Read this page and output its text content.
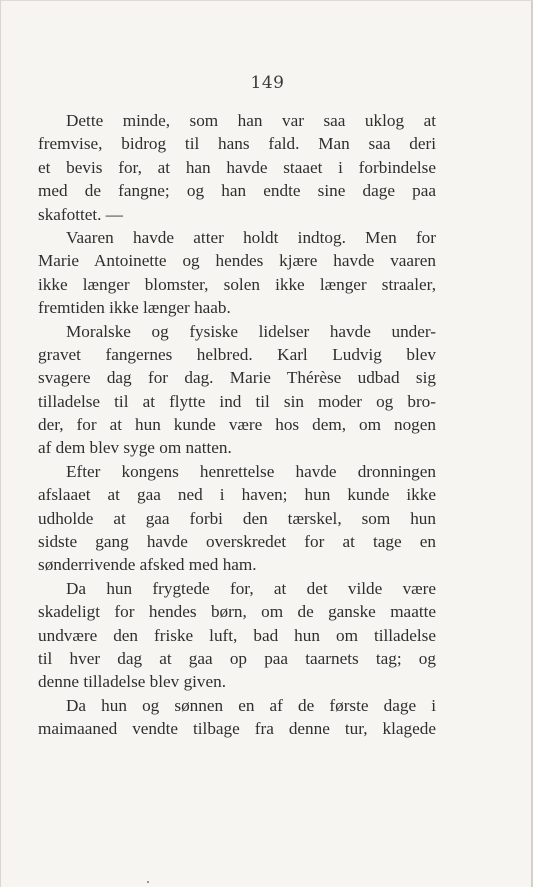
149
Dette minde, som han var saa uklog at
fremvise, bidrog til hans fald. Man saa deri
et bevis for, at han havde staaet i forbindelse
med de fangne; og han endte sine dage paa
skafottet. —
Vaaren havde atter holdt indtog. Men for
Marie Antoinette og hendes kjære havde vaaren
ikke længer blomster, solen ikke længer straaler,
fremtiden ikke længer haab.
Moralske og fysiske lidelser havde under-
gravet fangernes helbred. Karl Ludvig blev
svagere dag for dag. Marie Thérèse udbad sig
tilladelse til at flytte ind til sin moder og bro-
der, for at hun kunde være hos dem, om nogen
af dem blev syge om natten.
Efter kongens henrettelse havde dronningen
afslaaet at gaa ned i haven; hun kunde ikke
udholde at gaa forbi den tærskel, som hun
sidste gang havde overskredet for at tage en
sønderrivende afsked med ham.
Da hun frygtede for, at det vilde være
skadeligt for hendes børn, om de ganske maatte
undvære den friske luft, bad hun om tilladelse
til hver dag at gaa op paa taarnets tag; og
denne tilladelse blev given.
Da hun og sønnen en af de første dage i
maimaaned vendte tilbage fra denne tur, klagede
